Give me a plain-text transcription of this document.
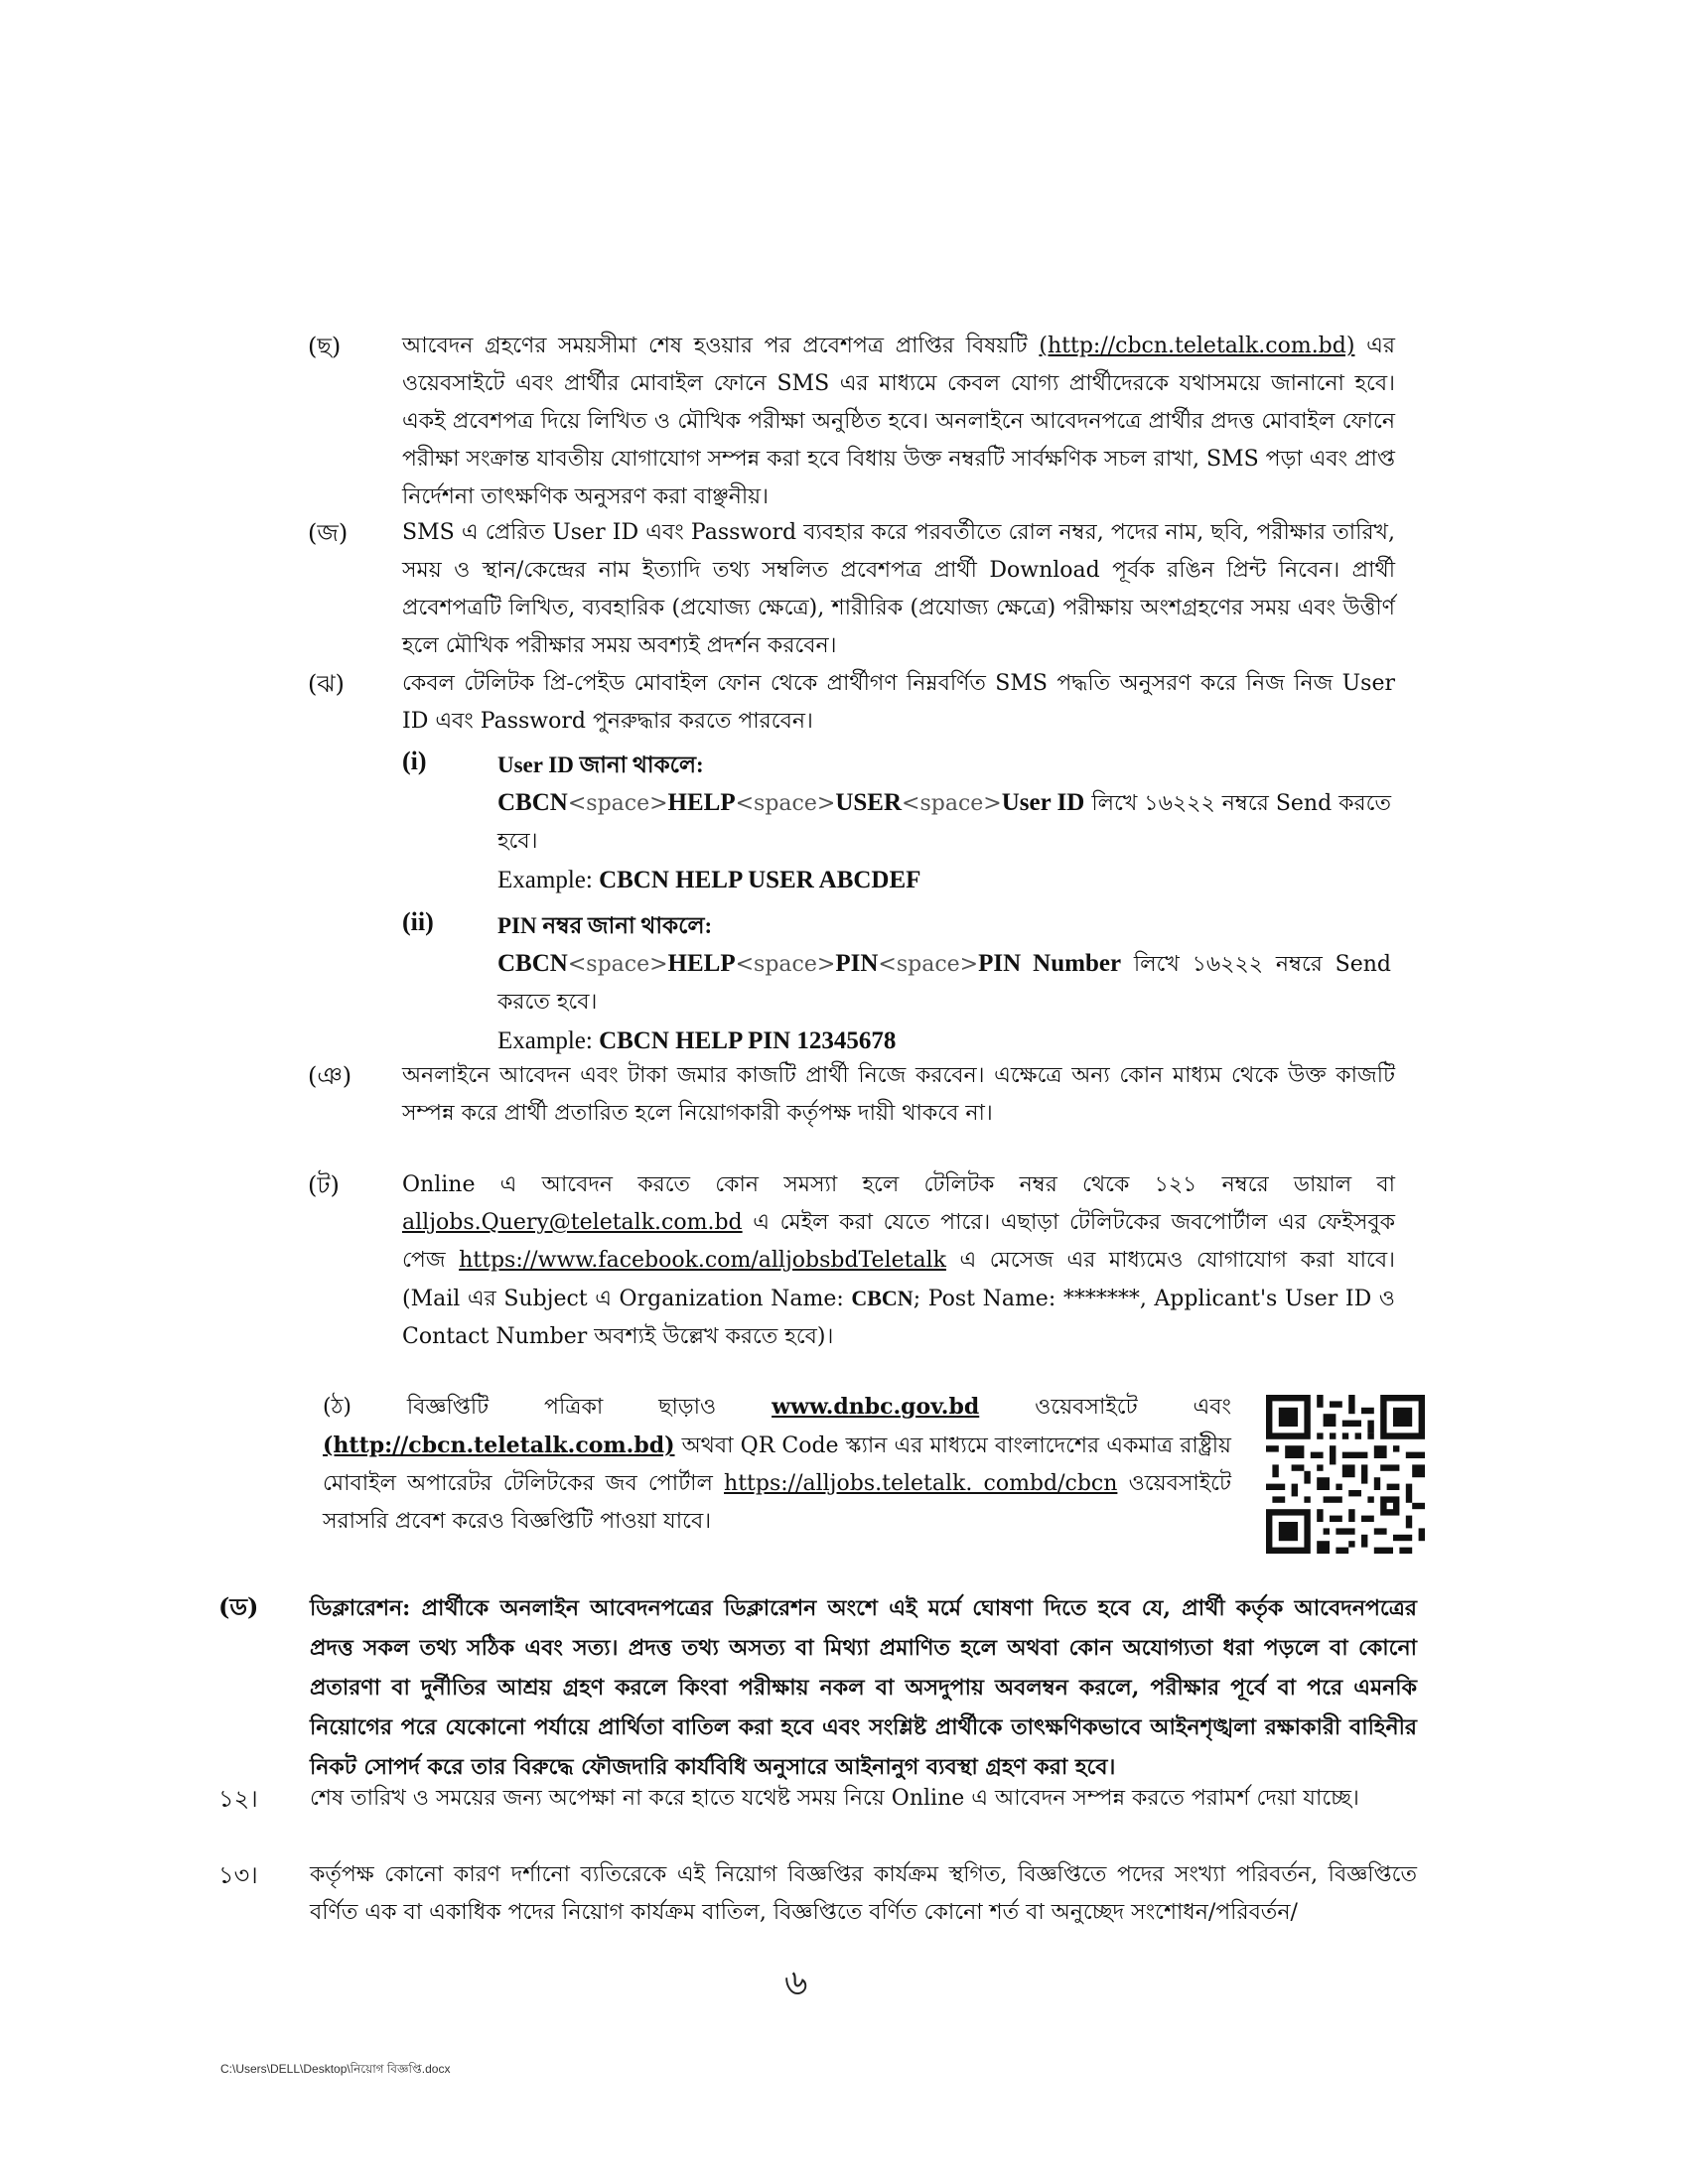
(ছ)	আবেদন গ্রহণের সময়সীমা শেষ হওয়ার পর প্রবেশপত্র প্রাপ্তির বিষয়টি (http://cbcn.teletalk.com.bd) এর ওয়েবসাইটে এবং প্রার্থীর মোবাইল ফোনে SMS এর মাধ্যমে কেবল যোগ্য প্রার্থীদেরকে যথাসময়ে জানানো হবে। একই প্রবেশপত্র দিয়ে লিখিত ও মৌখিক পরীক্ষা অনুষ্ঠিত হবে। অনলাইনে আবেদনপত্রে প্রার্থীর প্রদত্ত মোবাইল ফোনে পরীক্ষা সংক্রান্ত যাবতীয় যোগাযোগ সম্পন্ন করা হবে বিধায় উক্ত নম্বরটি সার্বক্ষণিক সচল রাখা, SMS পড়া এবং প্রাপ্ত নির্দেশনা তাৎক্ষণিক অনুসরণ করা বাঞ্ছনীয়।
(জ) SMS এ প্রেরিত User ID এবং Password ব্যবহার করে পরবর্তীতে রোল নম্বর, পদের নাম, ছবি, পরীক্ষার তারিখ, সময় ও স্থান/কেন্দ্রের নাম ইত্যাদি তথ্য সম্বলিত প্রবেশপত্র প্রার্থী Download পূর্বক রঙিন প্রিন্ট নিবেন। প্রার্থী প্রবেশপত্রটি লিখিত, ব্যবহারিক (প্রযোজ্য ক্ষেত্রে), শারীরিক (প্রযোজ্য ক্ষেত্রে) পরীক্ষায় অংশগ্রহণের সময় এবং উত্তীর্ণ হলে মৌখিক পরীক্ষার সময় অবশ্যই প্রদর্শন করবেন।
(ঝ)	কেবল টেলিটক প্রি-পেইড মোবাইল ফোন থেকে প্রার্থীগণ নিম্নবর্ণিত SMS পদ্ধতি অনুসরণ করে নিজ নিজ User ID এবং Password পুনরুদ্ধার করতে পারবেন।
(i)	User ID জানা থাকলে:
CBCN<space>HELP<space>USER<space>User ID লিখে ১৬২২২ নম্বরে Send করতে হবে।
Example: CBCN HELP USER ABCDEF
(ii)	PIN নম্বর জানা থাকলে:
CBCN<space>HELP<space>PIN<space>PIN Number লিখে ১৬২২২ নম্বরে Send করতে হবে।
Example: CBCN HELP PIN 12345678
(ঞ) অনলাইনে আবেদন এবং টাকা জমার কাজটি প্রার্থী নিজে করবেন। এক্ষেত্রে অন্য কোন মাধ্যম থেকে উক্ত কাজটি সম্পন্ন করে প্রার্থী প্রতারিত হলে নিয়োগকারী কর্তৃপক্ষ দায়ী থাকবে না।
(ট)	Online এ আবেদন করতে কোন সমস্যা হলে টেলিটক নম্বর থেকে ১২১ নম্বরে ডায়াল বা alljobs.Query@teletalk.com.bd এ মেইল করা যেতে পারে। এছাড়া টেলিটকের জবপোর্টাল এর ফেইসবুক পেজ https://www.facebook.com/alljobsbdTeletalk এ মেসেজ এর মাধ্যমেও যোগাযোগ করা যাবে। (Mail এর Subject এ Organization Name: CBCN; Post Name: *******, Applicant's User ID ও Contact Number অবশ্যই উল্লেখ করতে হবে)।
(ঠ)	বিজ্ঞপ্তিটি পত্রিকা ছাড়াও	www.dnbc.gov.bd	ওয়েবসাইটে এবং (http://cbcn.teletalk.com.bd) অথবা QR Code স্ক্যান এর মাধ্যমে বাংলাদেশের একমাত্র রাষ্ট্রীয় মোবাইল অপারেটর টেলিটকের জব পোর্টাল https://alljobs.teletalk. combd/cbcn ওয়েবসাইটে সরাসরি প্রবেশ করেও বিজ্ঞপ্তিটি পাওয়া যাবে।
(ড) ডিক্লারেশন: প্রার্থীকে অনলাইন আবেদনপত্রের ডিক্লারেশন অংশে এই মর্মে ঘোষণা দিতে হবে যে, প্রার্থী কর্তৃক আবেদনপত্রের প্রদত্ত সকল তথ্য সঠিক এবং সত্য। প্রদত্ত তথ্য অসত্য বা মিথ্যা প্রমাণিত হলে অথবা কোন অযোগ্যতা ধরা পড়লে বা কোনো প্রতারণা বা দুর্নীতির আশ্রয় গ্রহণ করলে কিংবা পরীক্ষায় নকল বা অসদুপায় অবলম্বন করলে, পরীক্ষার পূর্বে বা পরে এমনকি নিয়োগের পরে যেকোনো পর্যায়ে প্রার্থিতা বাতিল করা হবে এবং সংশ্লিষ্ট প্রার্থীকে তাৎক্ষণিকভাবে আইনশৃঙ্খলা রক্ষাকারী বাহিনীর নিকট সোপর্দ করে তার বিরুদ্ধে ফৌজদারি কার্যবিধি অনুসারে আইনানুগ ব্যবস্থা গ্রহণ করা হবে।
১২। শেষ তারিখ ও সময়ের জন্য অপেক্ষা না করে হাতে যথেষ্ট সময় নিয়ে Online এ আবেদন সম্পন্ন করতে পরামর্শ দেয়া যাচ্ছে।
১৩। কর্তৃপক্ষ কোনো কারণ দর্শানো ব্যতিরেকে এই নিয়োগ বিজ্ঞপ্তির কার্যক্রম স্থগিত, বিজ্ঞপ্তিতে পদের সংখ্যা পরিবর্তন, বিজ্ঞপ্তিতে বর্ণিত এক বা একাধিক পদের নিয়োগ কার্যক্রম বাতিল, বিজ্ঞপ্তিতে বর্ণিত কোনো শর্ত বা অনুচ্ছেদ সংশোধন/পরিবর্তন/
৬
C:\Users\DELL\Desktop\নিয়োগ বিজ্ঞপ্তি.docx
